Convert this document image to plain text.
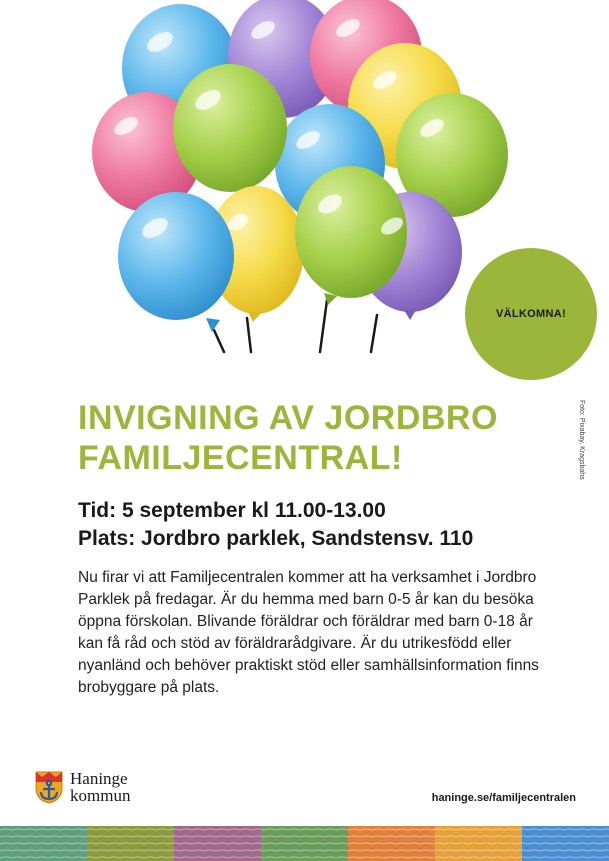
VÄLKOMNA!
Foto: Pixabay, Kragsbahs
INVIGNING AV JORDBRO
FAMILJECENTRAL!
Tid: 5 september kl 11.00-13.00
Plats: Jordbro parklek, Sandstensv. 110

Nu firar vi att Familjecentralen kommer att ha verksamhet i Jordbro Parklek på fredagar. Är du hemma med barn 0-5 år kan du besöka öppna förskolan. Blivande föräldrar och föräldrar med barn 0-18 år kan få råd och stöd av föräldrarådgivare. Är du utrikesfödd eller nyanländ och behöver praktiskt stöd eller samhällsinformation finns brobyggare på plats.

Haninge
kommun	haninge.se/familjecentralen
